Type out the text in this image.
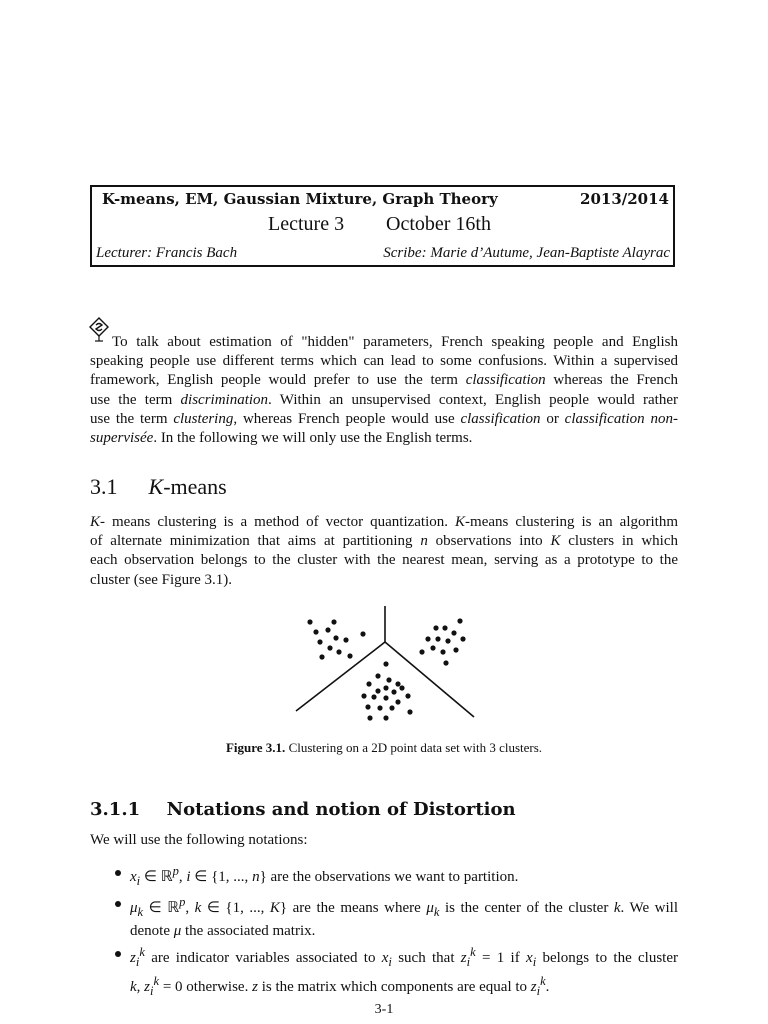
K-means, EM, Gaussian Mixture, Graph Theory	2013/2014
Lecture 3 October 16th
Lecturer: Francis Bach	Scribe: Marie d’Autume, Jean-Baptiste Alayrac
To talk about estimation of "hidden" parameters, French speaking people and English
speaking people use different terms which can lead to some confusions. Within a supervised
framework, English people would prefer to use the term classification whereas the French
use the term discrimination. Within an unsupervised context, English people would rather
use the term clustering, whereas French people would use classification or classification non-
supervisée. In the following we will only use the English terms.
3.1 K-means
K- means clustering is a method of vector quantization. K-means clustering is an algorithm
of alternate minimization that aims at partitioning n observations into K clusters in which
each observation belongs to the cluster with the nearest mean, serving as a prototype to the
cluster (see Figure 3.1).
Figure 3.1. Clustering on a 2D point data set with 3 clusters.
3.1.1 Notations and notion of Distortion
We will use the following notations:
$x_i$ ∈ ℝ$^p$, i ∈ {1, ..., n} are the observations we want to partition.
$\mu_k$ ∈ ℝ$^p$, k ∈ {1, ..., K} are the means where $\mu_k$ is the center of the cluster k. We will
denote μ the associated matrix.
$z_i^k$ are indicator variables associated to $x_i$ such that $z_i^k = 1$ if $x_i$ belongs to the cluster
k, $z_i^k = 0$ otherwise. z is the matrix which components are equal to $z_i^k$.
3-1
